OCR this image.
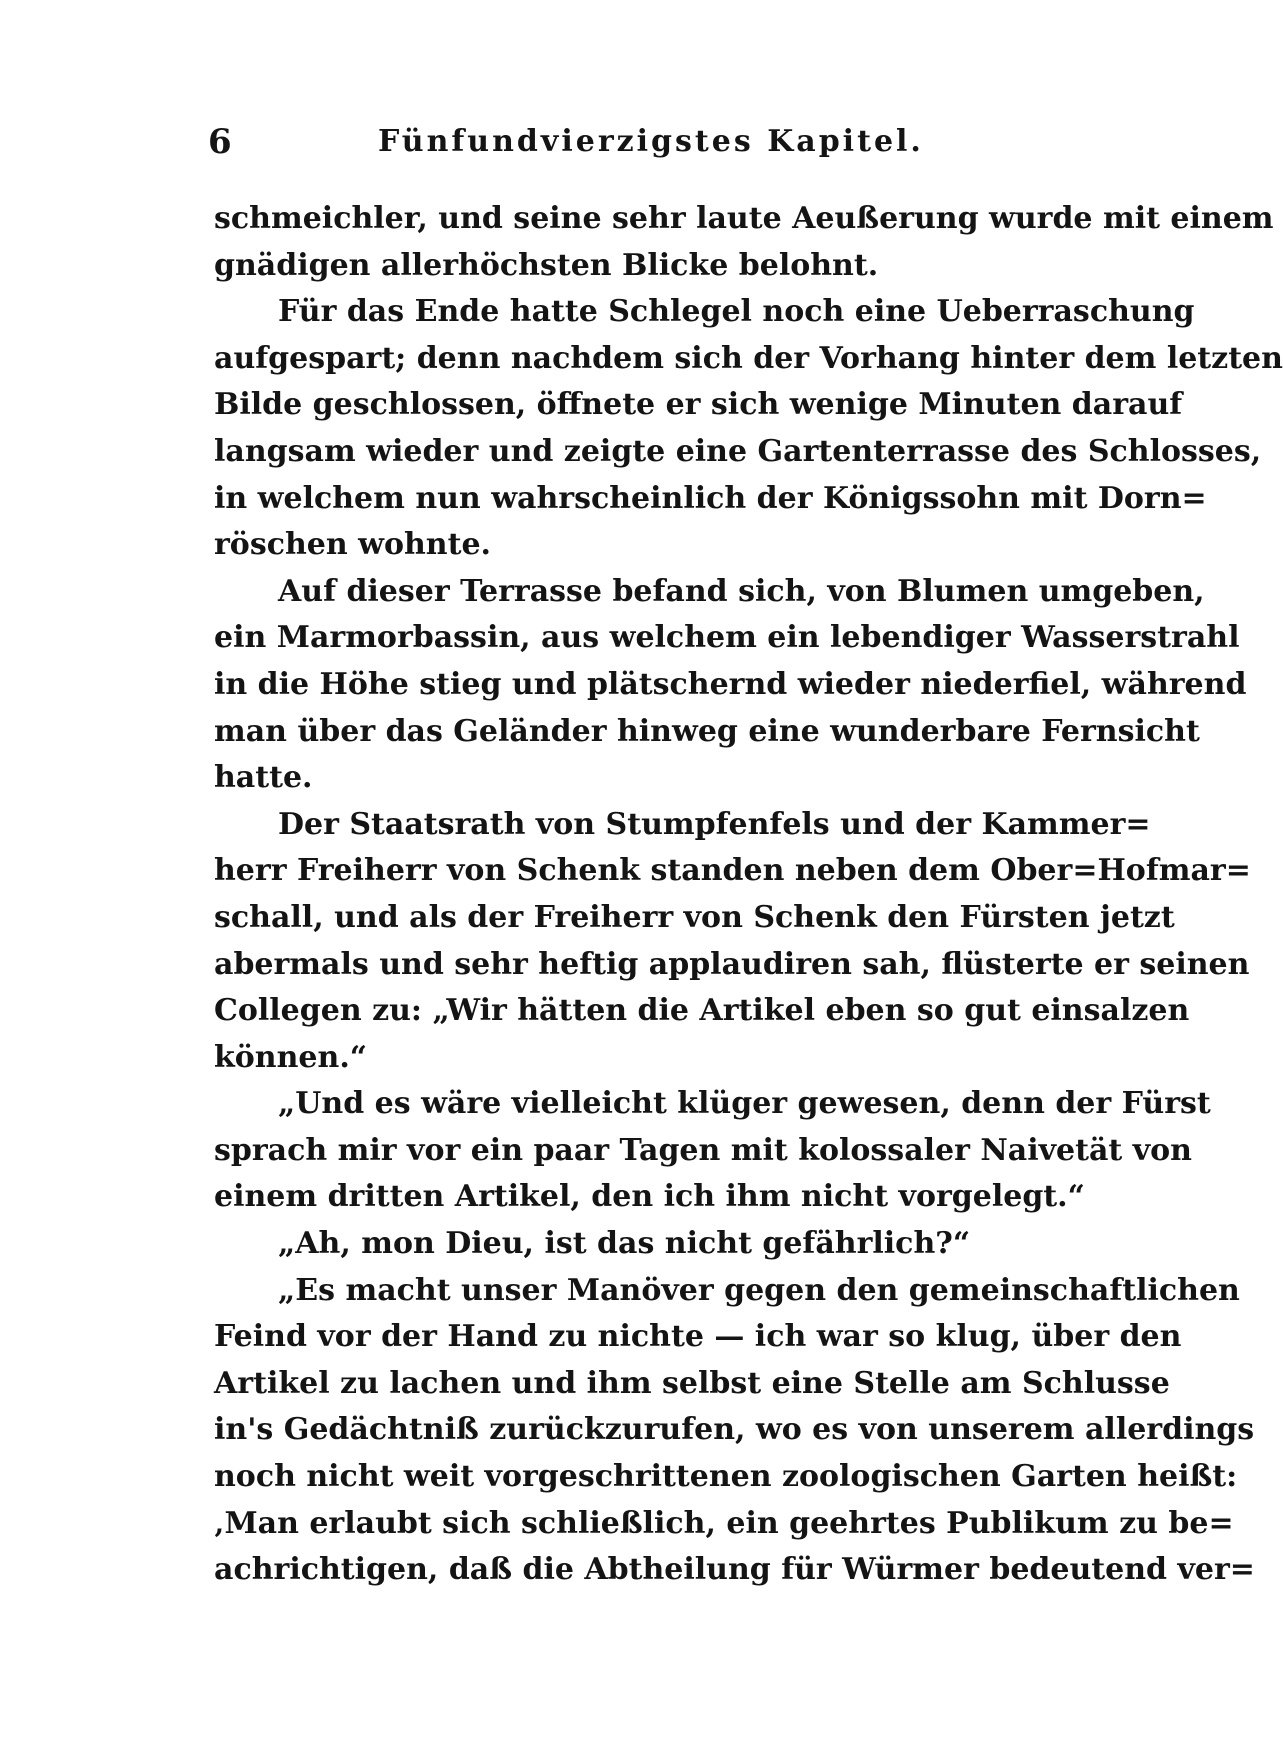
6	Fünfundvierzigstes Kapitel.
schmeichler, und seine sehr laute Aeußerung wurde mit einem
gnädigen allerhöchsten Blicke belohnt.
Für das Ende hatte Schlegel noch eine Ueberraschung
aufgespart; denn nachdem sich der Vorhang hinter dem letzten
Bilde geschlossen, öffnete er sich wenige Minuten darauf
langsam wieder und zeigte eine Gartenterrasse des Schlosses,
in welchem nun wahrscheinlich der Königssohn mit Dorn=
röschen wohnte.
Auf dieser Terrasse befand sich, von Blumen umgeben,
ein Marmorbassin, aus welchem ein lebendiger Wasserstrahl
in die Höhe stieg und plätschernd wieder niederfiel, während
man über das Geländer hinweg eine wunderbare Fernsicht
hatte.
Der Staatsrath von Stumpfenfels und der Kammer=
herr Freiherr von Schenk standen neben dem Ober=Hofmar=
schall, und als der Freiherr von Schenk den Fürsten jetzt
abermals und sehr heftig applaudiren sah, flüsterte er seinen
Collegen zu: „Wir hätten die Artikel eben so gut einsalzen
können.“
„Und es wäre vielleicht klüger gewesen, denn der Fürst
sprach mir vor ein paar Tagen mit kolossaler Naivetät von
einem dritten Artikel, den ich ihm nicht vorgelegt.“
„Ah, mon Dieu, ist das nicht gefährlich?“
„Es macht unser Manöver gegen den gemeinschaftlichen
Feind vor der Hand zu nichte — ich war so klug, über den
Artikel zu lachen und ihm selbst eine Stelle am Schlusse
in's Gedächtniß zurückzurufen, wo es von unserem allerdings
noch nicht weit vorgeschrittenen zoologischen Garten heißt:
‚Man erlaubt sich schließlich, ein geehrtes Publikum zu be=
achrichtigen, daß die Abtheilung für Würmer bedeutend ver=
